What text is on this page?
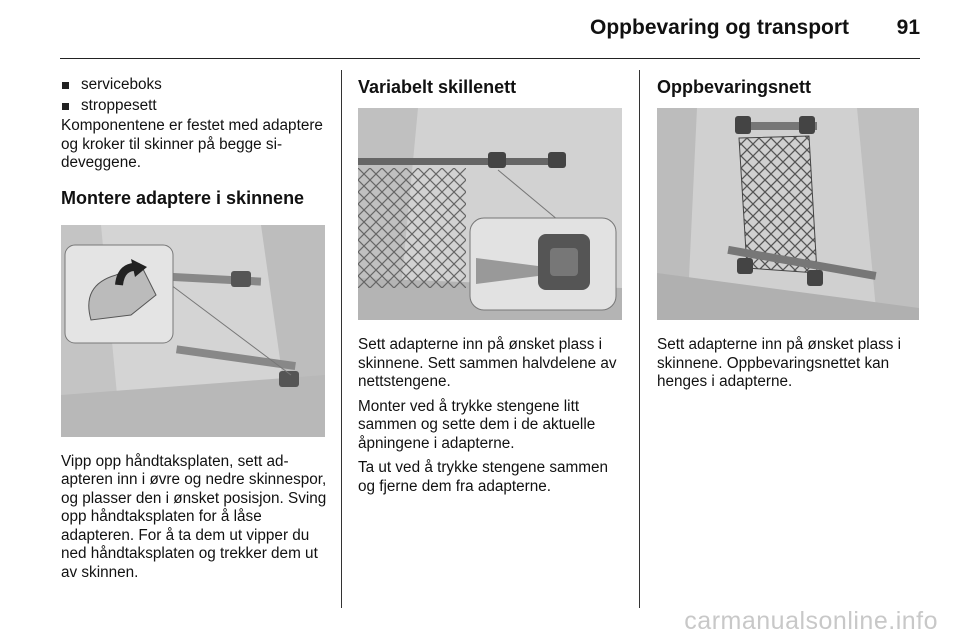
Oppbevaring og transport 91
serviceboks
stroppesett

Komponentene er festet med adaptere og kroker til skinner på begge sideveggene.

Montere adaptere i skinnene

Vipp opp håndtaksplaten, sett adapteren inn i øvre og nedre skinnespor, og plasser den i ønsket posisjon. Sving opp håndtaksplaten for å låse adapteren. For å ta dem ut vipper du ned håndtaksplaten og trekker dem ut av skinnen.

Variabelt skillenett

Sett adapterne inn på ønsket plass i skinnene. Sett sammen halvdelene av nettstengene.

Monter ved å trykke stengene litt sammen og sette dem i de aktuelle åpningene i adapterne.

Ta ut ved å trykke stengene sammen og fjerne dem fra adapterne.

Oppbevaringsnett

Sett adapterne inn på ønsket plass i skinnene. Oppbevaringsnettet kan henges i adapterne.

carmanualsonline.info
